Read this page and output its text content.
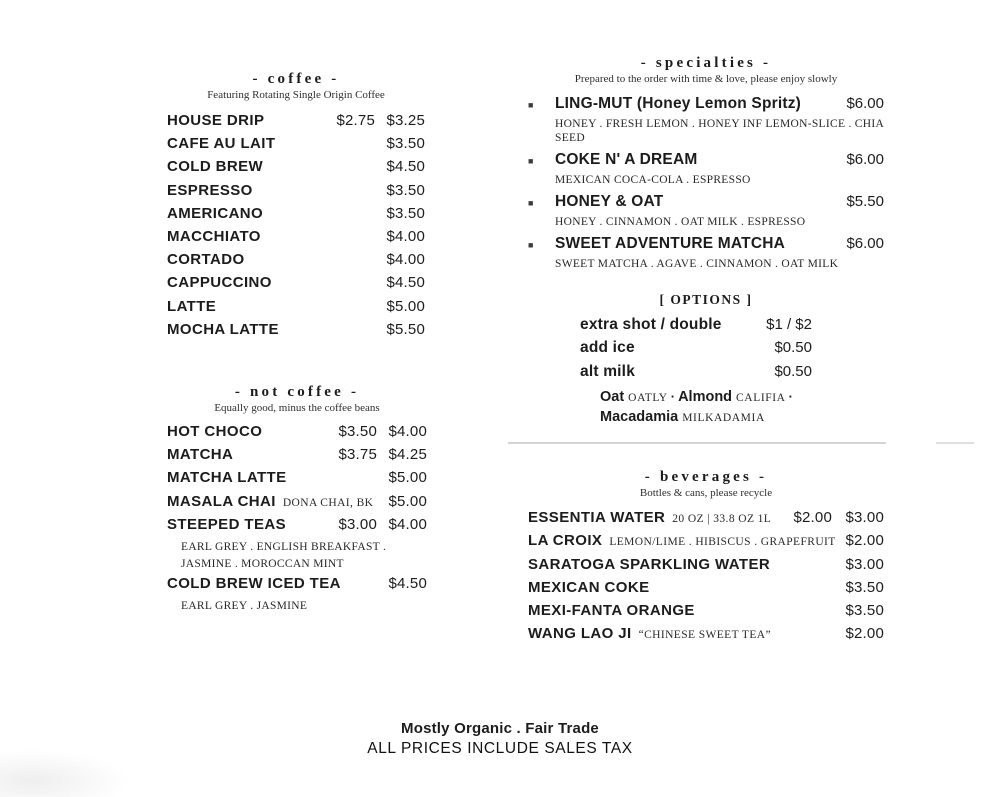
- coffee -
Featuring Rotating Single Origin Coffee
HOUSE DRIP	$2.75 $3.25
CAFE AU LAIT	$3.50
COLD BREW	$4.50
ESPRESSO	$3.50
AMERICANO	$3.50
MACCHIATO	$4.00
CORTADO	$4.00
CAPPUCCINO	$4.50
LATTE	$5.00
MOCHA LATTE	$5.50
- not coffee -
Equally good, minus the coffee beans
HOT CHOCO	$3.50 $4.00
MATCHA	$3.75 $4.25
MATCHA LATTE	$5.00
MASALA CHAI DONA CHAI, BK	$5.00
STEEPED TEAS	$3.00 $4.00
EARL GREY . ENGLISH BREAKFAST . JASMINE . MOROCCAN MINT
COLD BREW ICED TEA	$4.50
EARL GREY . JASMINE
- specialties -
Prepared to the order with time & love, please enjoy slowly
■	LING-MUT (Honey Lemon Spritz)	$6.00
HONEY . FRESH LEMON . HONEY INF LEMON-SLICE . CHIA SEED
■	COKE N' A DREAM	$6.00
MEXICAN COCA-COLA . ESPRESSO
■	HONEY & OAT	$5.50
HONEY . CINNAMON . OAT MILK . ESPRESSO
■	SWEET ADVENTURE MATCHA	$6.00
SWEET MATCHA . AGAVE . CINNAMON . OAT MILK
[ OPTIONS ]
extra shot / double	$1 / $2
add ice	$0.50
alt milk	$0.50
Oat OATLY · Almond CALIFIA ·
Macadamia MILKADAMIA
- beverages -
Bottles & cans, please recycle
ESSENTIA WATER 20 OZ | 33.8 OZ 1L	$2.00 $3.00
LA CROIX LEMON/LIME . HIBISCUS . GRAPEFRUIT $2.00
SARATOGA SPARKLING WATER	$3.00
MEXICAN COKE	$3.50
MEXI-FANTA ORANGE	$3.50
WANG LAO JI “CHINESE SWEET TEA”	$2.00
Mostly Organic . Fair Trade
ALL PRICES INCLUDE SALES TAX
